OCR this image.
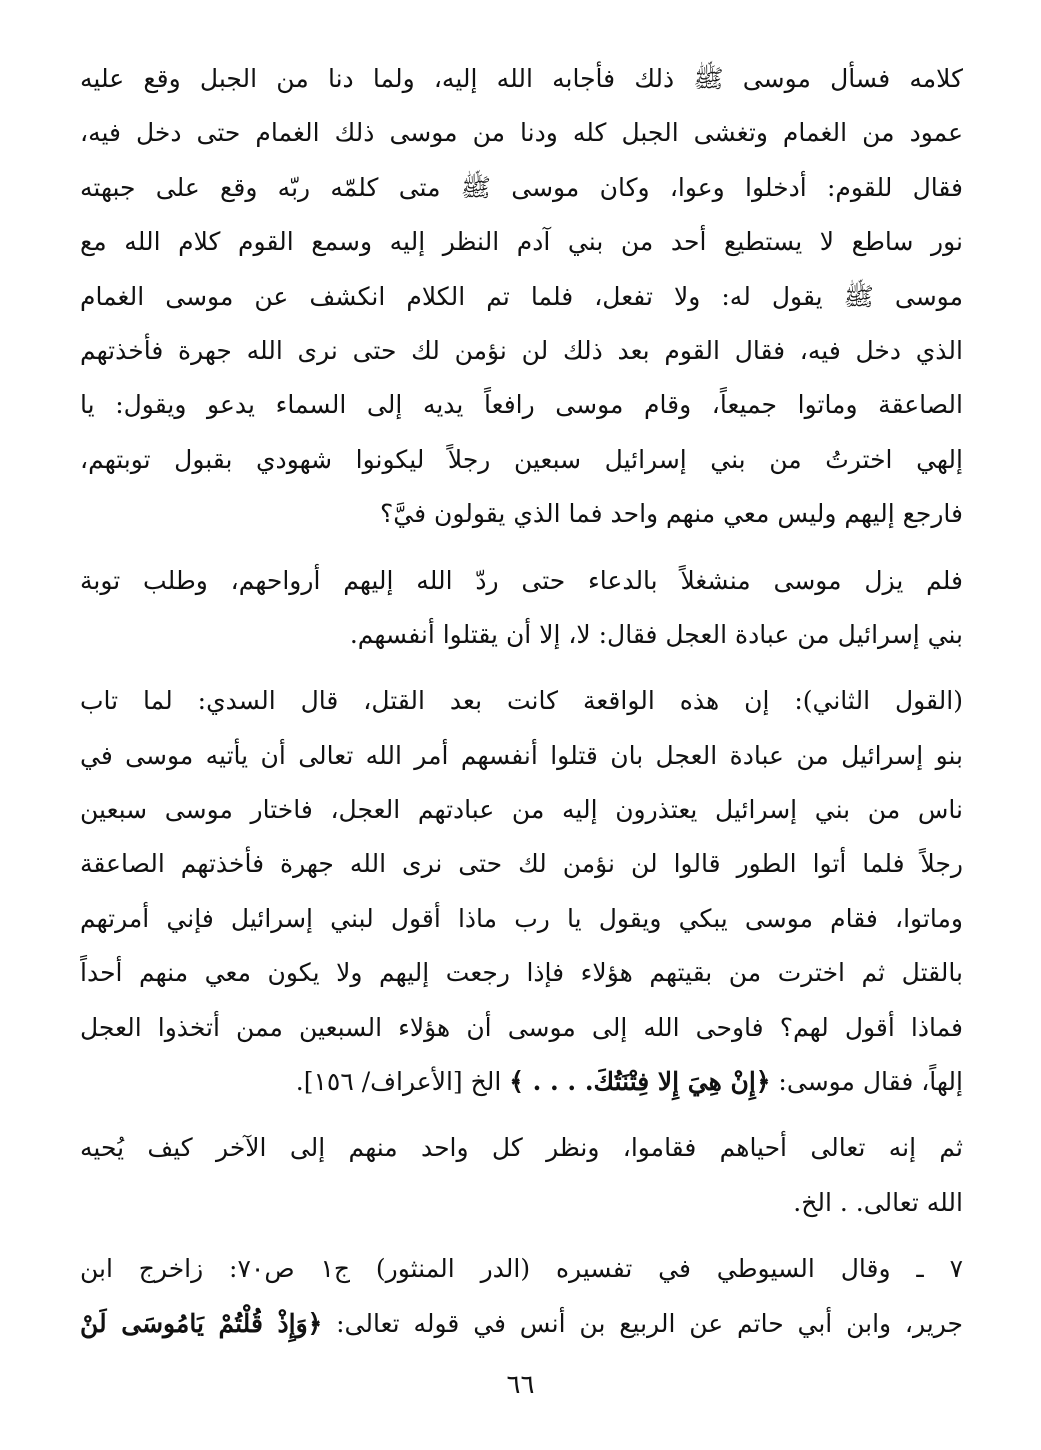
كلامه فسأل موسى ﷺ ذلك فأجابه الله إليه، ولما دنا من الجبل وقع عليه
عمود من الغمام وتغشى الجبل كله ودنا من موسى ذلك الغمام حتى دخل فيه،
فقال للقوم: أدخلوا وعوا، وكان موسى ﷺ متى كلمّه ربّه وقع على جبهته
نور ساطع لا يستطيع أحد من بني آدم النظر إليه وسمع القوم كلام الله مع
موسى ﷺ يقول له: ولا تفعل، فلما تم الكلام انكشف عن موسى الغمام
الذي دخل فيه، فقال القوم بعد ذلك لن نؤمن لك حتى نرى الله جهرة فأخذتهم
الصاعقة وماتوا جميعاً، وقام موسى رافعاً يديه إلى السماء يدعو ويقول: يا
إلهي اخترتُ من بني إسرائيل سبعين رجلاً ليكونوا شهودي بقبول توبتهم،
فارجع إليهم وليس معي منهم واحد فما الذي يقولون فيَّ؟
فلم يزل موسى منشغلاً بالدعاء حتى ردّ الله إليهم أرواحهم، وطلب توبة
بني إسرائيل من عبادة العجل فقال: لا، إلا أن يقتلوا أنفسهم.
(القول الثاني): إن هذه الواقعة كانت بعد القتل، قال السدي: لما تاب
بنو إسرائيل من عبادة العجل بان قتلوا أنفسهم أمر الله تعالى أن يأتيه موسى في
ناس من بني إسرائيل يعتذرون إليه من عبادتهم العجل، فاختار موسى سبعين
رجلاً فلما أتوا الطور قالوا لن نؤمن لك حتى نرى الله جهرة فأخذتهم الصاعقة
وماتوا، فقام موسى يبكي ويقول يا رب ماذا أقول لبني إسرائيل فإني أمرتهم
بالقتل ثم اخترت من بقيتهم هؤلاء فإذا رجعت إليهم ولا يكون معي منهم أحداً
فماذا أقول لهم؟ فاوحى الله إلى موسى أن هؤلاء السبعين ممن أتخذوا العجل
إلهاً، فقال موسى: ﴿إِنْ هِيَ إِلا فِتْنَتُكَ. . . . ﴾ الخ [الأعراف/ ١٥٦].
ثم إنه تعالى أحياهم فقاموا، ونظر كل واحد منهم إلى الآخر كيف يُحيه
الله تعالى. . الخ.
٧ ـ وقال السيوطي في تفسيره (الدر المنثور) ج١ ص٧٠: زاخرج ابن
جرير، وابن أبي حاتم عن الربيع بن أنس في قوله تعالى: ﴿وَإِذْ قُلْتُمْ يَامُوسَى لَنْ
٦٦
